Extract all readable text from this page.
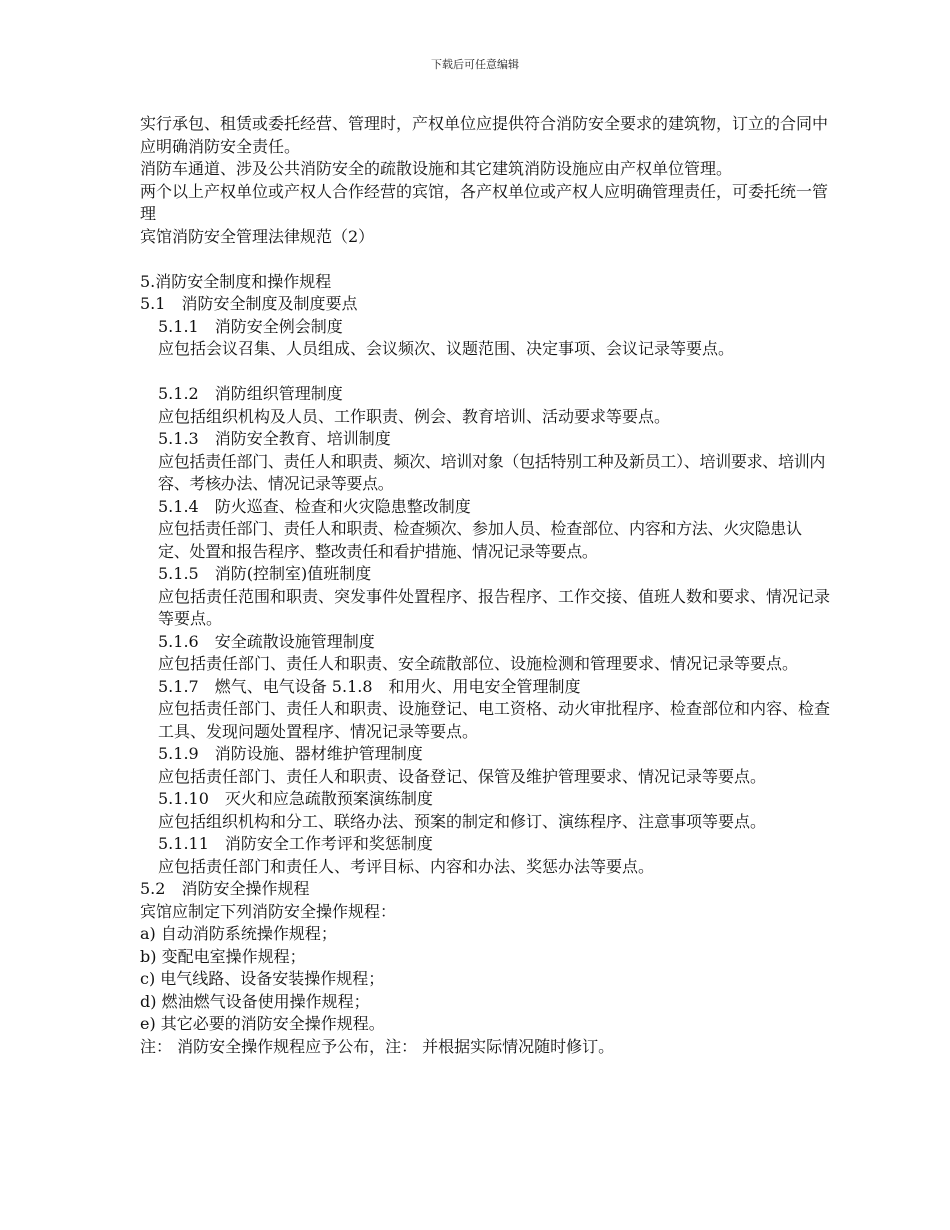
下载后可任意编辑

实行承包、租赁或委托经营、管理时，产权单位应提供符合消防安全要求的建筑物，订立的合同中应明确消防安全责任。

消防车通道、涉及公共消防安全的疏散设施和其它建筑消防设施应由产权单位管理。

两个以上产权单位或产权人合作经营的宾馆，各产权单位或产权人应明确管理责任，可委托统一管理

宾馆消防安全管理法律规范（2）

5.消防安全制度和操作规程

5.1　消防安全制度及制度要点

5.1.1　消防安全例会制度

应包括会议召集、人员组成、会议频次、议题范围、决定事项、会议记录等要点。

5.1.2　消防组织管理制度

应包括组织机构及人员、工作职责、例会、教育培训、活动要求等要点。

5.1.3　消防安全教育、培训制度

应包括责任部门、责任人和职责、频次、培训对象（包括特别工种及新员工）、培训要求、培训内容、考核办法、情况记录等要点。

5.1.4　防火巡查、检查和火灾隐患整改制度

应包括责任部门、责任人和职责、检查频次、参加人员、检查部位、内容和方法、火灾隐患认定、处置和报告程序、整改责任和看护措施、情况记录等要点。

5.1.5　消防(控制室)值班制度

应包括责任范围和职责、突发事件处置程序、报告程序、工作交接、值班人数和要求、情况记录等要点。

5.1.6　安全疏散设施管理制度

应包括责任部门、责任人和职责、安全疏散部位、设施检测和管理要求、情况记录等要点。

5.1.7　燃气、电气设备 5.1.8　和用火、用电安全管理制度

应包括责任部门、责任人和职责、设施登记、电工资格、动火审批程序、检查部位和内容、检查工具、发现问题处置程序、情况记录等要点。

5.1.9　消防设施、器材维护管理制度

应包括责任部门、责任人和职责、设备登记、保管及维护管理要求、情况记录等要点。

5.1.10　灭火和应急疏散预案演练制度

应包括组织机构和分工、联络办法、预案的制定和修订、演练程序、注意事项等要点。

5.1.11　消防安全工作考评和奖惩制度

应包括责任部门和责任人、考评目标、内容和办法、奖惩办法等要点。

5.2　消防安全操作规程

宾馆应制定下列消防安全操作规程：

a) 自动消防系统操作规程；

b) 变配电室操作规程；

c) 电气线路、设备安装操作规程；

d) 燃油燃气设备使用操作规程；

e) 其它必要的消防安全操作规程。

注： 消防安全操作规程应予公布，注： 并根据实际情况随时修订。
